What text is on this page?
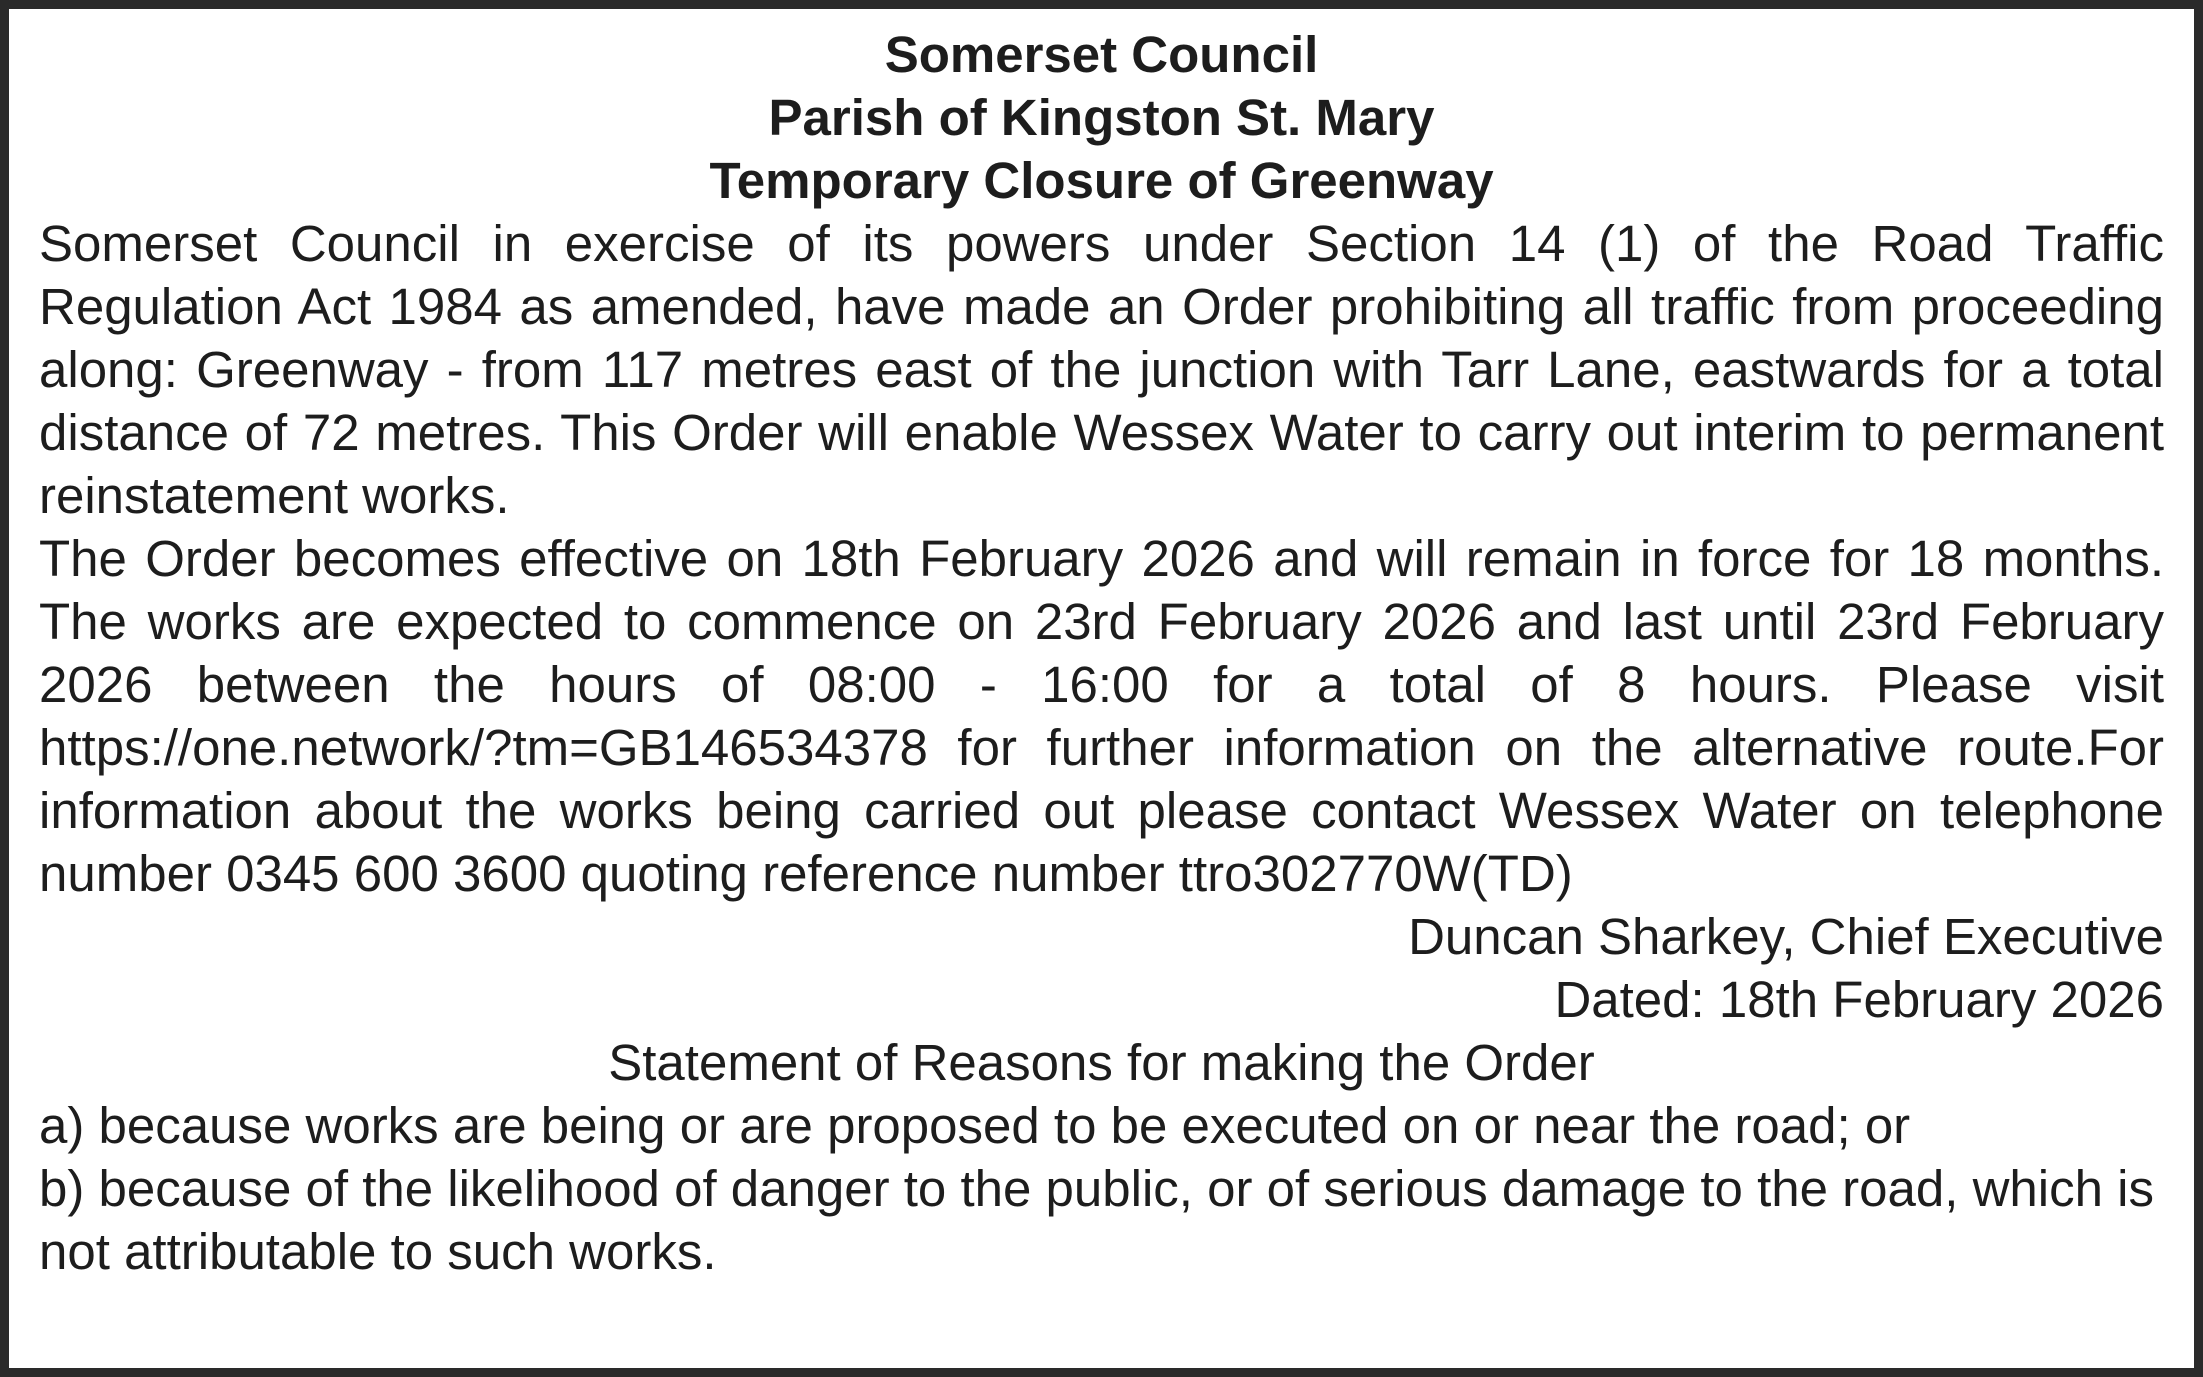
Somerset Council

Parish of Kingston St. Mary

Temporary Closure of Greenway

Somerset Council in exercise of its powers under Section 14 (1) of the Road Traffic Regulation Act 1984 as amended, have made an Order prohibiting all traffic from proceeding along: Greenway - from 117 metres east of the junction with Tarr Lane, eastwards for a total distance of 72 metres. This Order will enable Wessex Water to carry out interim to permanent reinstatement works.

The Order becomes effective on 18th February 2026 and will remain in force for 18 months. The works are expected to commence on 23rd February 2026 and last until 23rd February 2026 between the hours of 08:00 - 16:00 for a total of 8 hours. Please visit https://one.network/?tm=GB146534378 for further information on the alternative route.For information about the works being carried out please contact Wessex Water on telephone number 0345 600 3600 quoting reference number ttro302770W(TD)

Duncan Sharkey, Chief Executive

Dated: 18th February 2026

Statement of Reasons for making the Order

a) because works are being or are proposed to be executed on or near the road; or

b) because of the likelihood of danger to the public, or of serious damage to the road, which is not attributable to such works.
